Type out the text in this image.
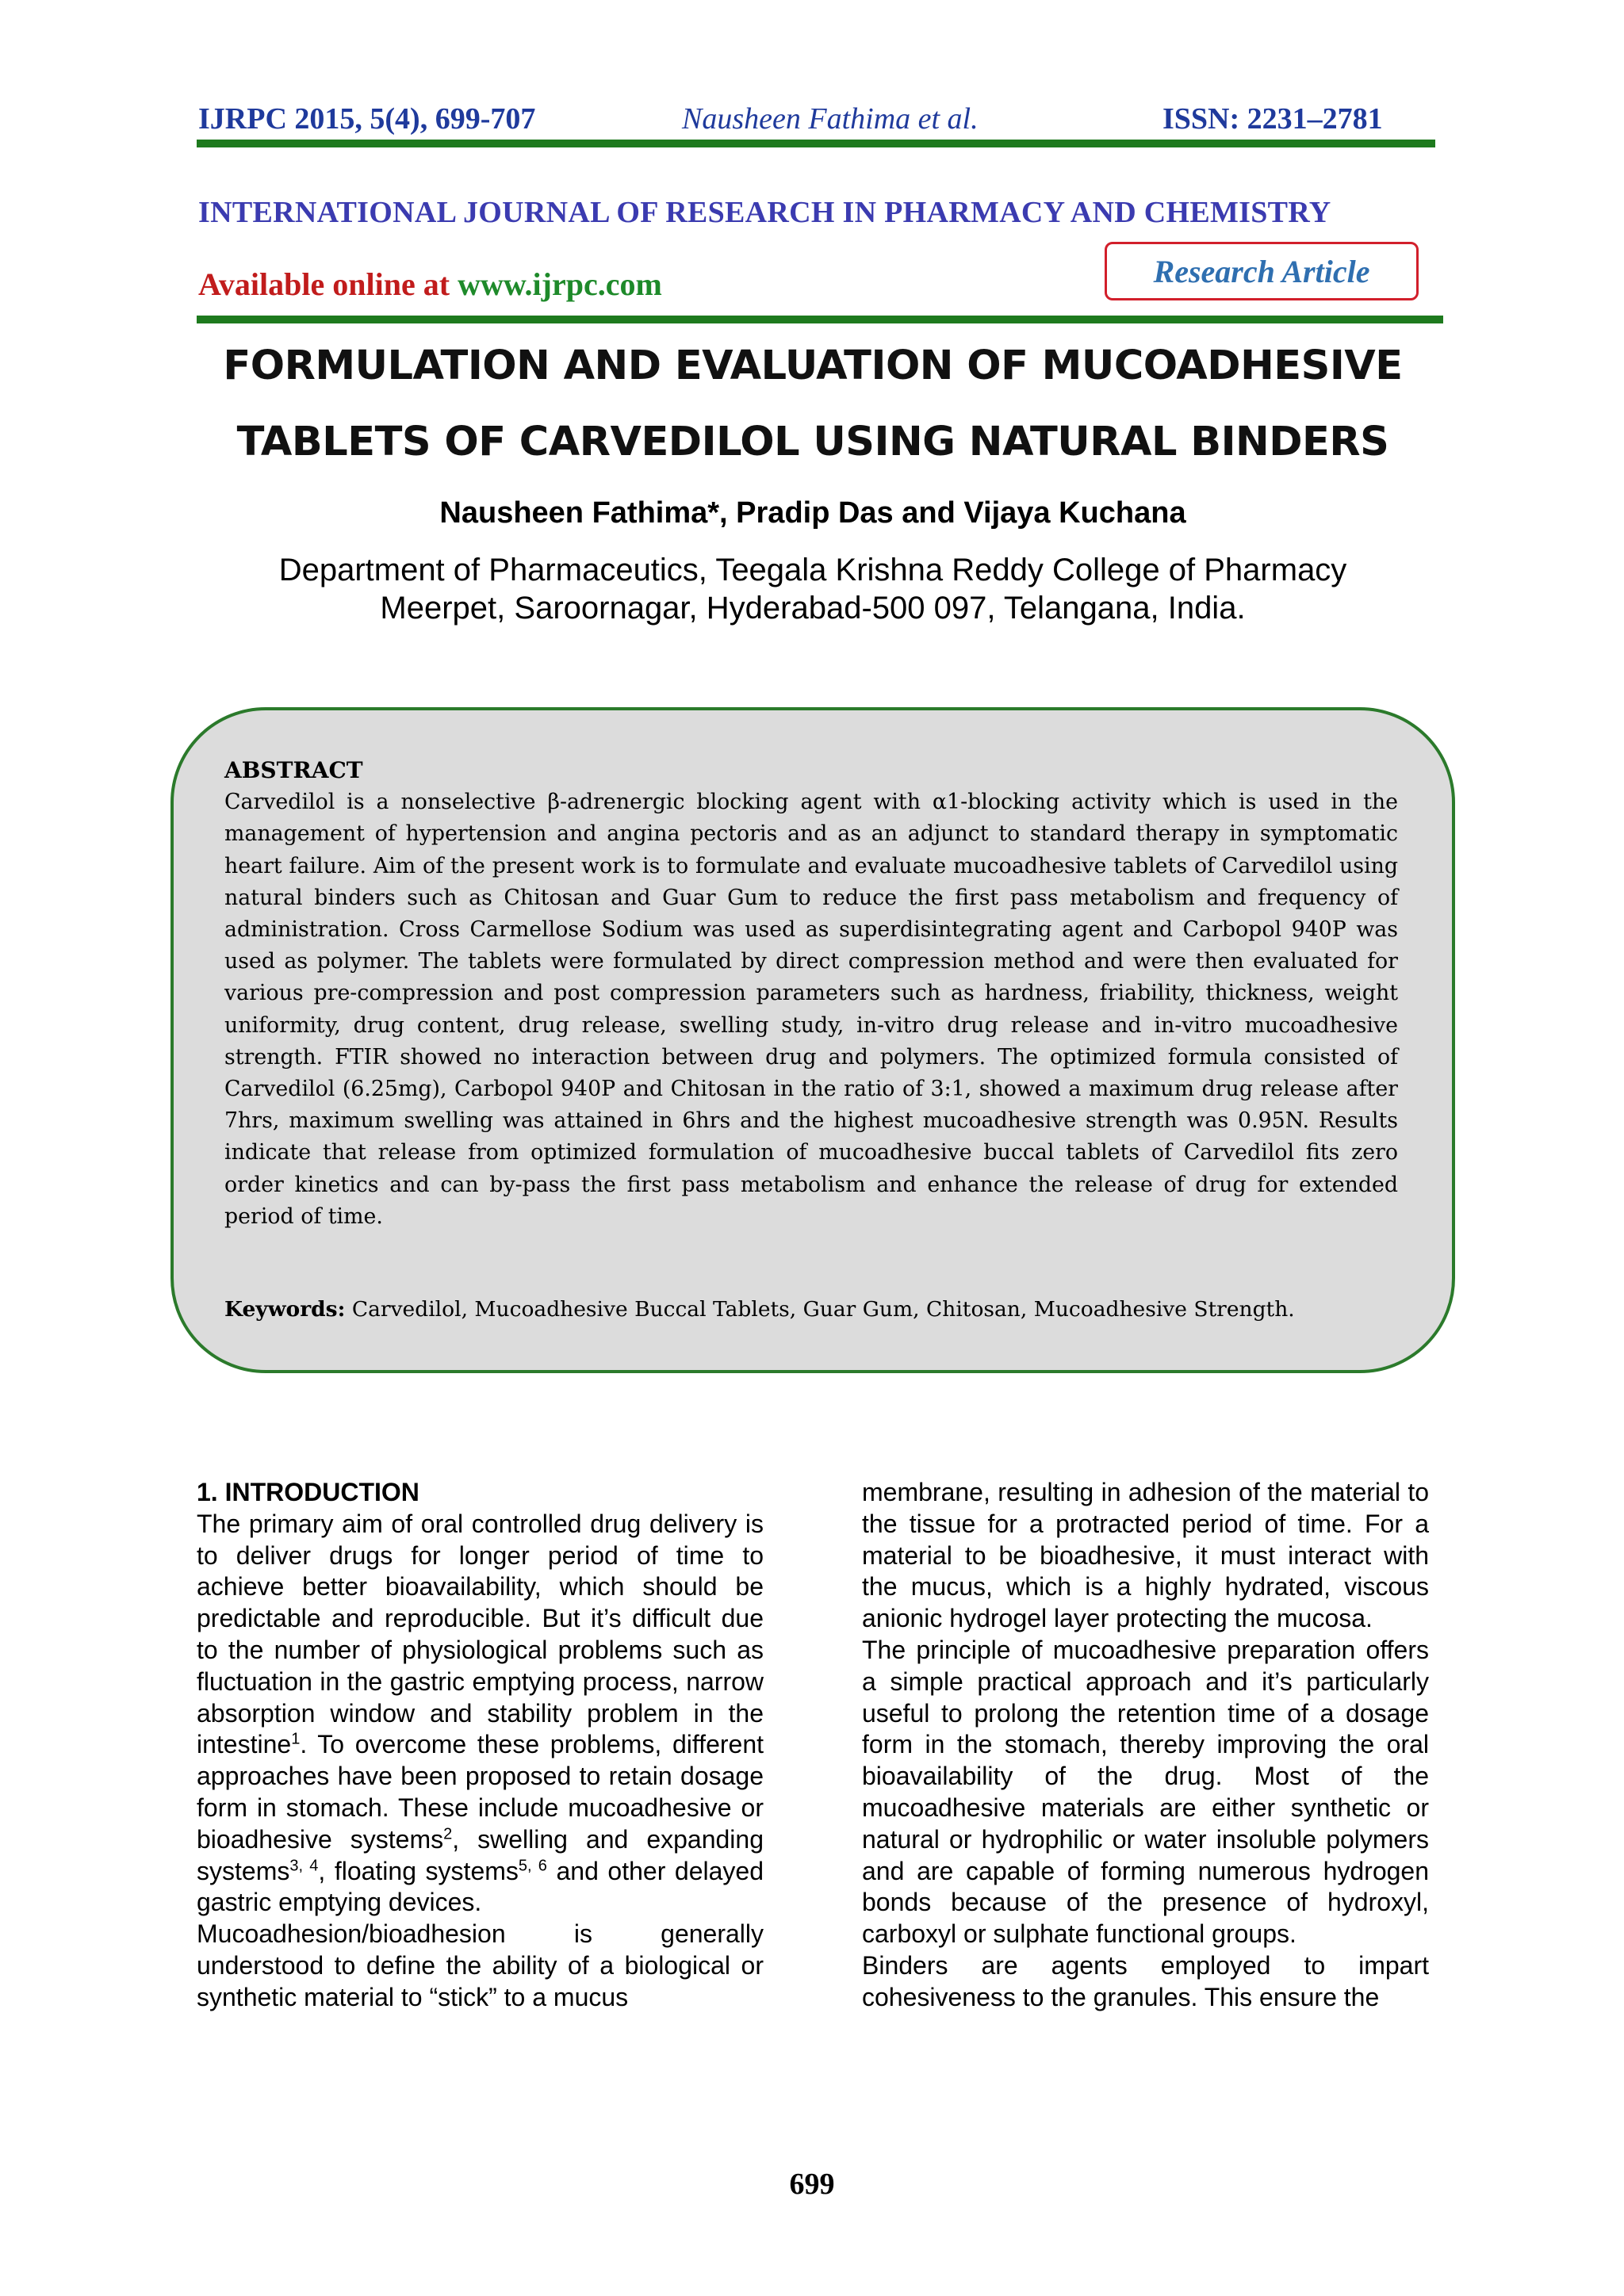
IJRPC 2015, 5(4), 699-707	Nausheen Fathima et al.	ISSN: 2231–2781
INTERNATIONAL JOURNAL OF RESEARCH IN PHARMACY AND CHEMISTRY
Available online at www.ijrpc.com	Research Article
FORMULATION AND EVALUATION OF MUCOADHESIVE
TABLETS OF CARVEDILOL USING NATURAL BINDERS
Nausheen Fathima*, Pradip Das and Vijaya Kuchana
Department of Pharmaceutics, Teegala Krishna Reddy College of Pharmacy
Meerpet, Saroornagar, Hyderabad-500 097, Telangana, India.
ABSTRACT
Carvedilol is a nonselective β-adrenergic blocking agent with α1-blocking activity which is used in the management of hypertension and angina pectoris and as an adjunct to standard therapy in symptomatic heart failure. Aim of the present work is to formulate and evaluate mucoadhesive tablets of Carvedilol using natural binders such as Chitosan and Guar Gum to reduce the first pass metabolism and frequency of administration. Cross Carmellose Sodium was used as superdisintegrating agent and Carbopol 940P was used as polymer. The tablets were formulated by direct compression method and were then evaluated for various pre-compression and post compression parameters such as hardness, friability, thickness, weight uniformity, drug content, drug release, swelling study, in-vitro drug release and in-vitro mucoadhesive strength. FTIR showed no interaction between drug and polymers. The optimized formula consisted of Carvedilol (6.25mg), Carbopol 940P and Chitosan in the ratio of 3:1, showed a maximum drug release after 7hrs, maximum swelling was attained in 6hrs and the highest mucoadhesive strength was 0.95N. Results indicate that release from optimized formulation of mucoadhesive buccal tablets of Carvedilol fits zero order kinetics and can by-pass the first pass metabolism and enhance the release of drug for extended period of time.
Keywords: Carvedilol, Mucoadhesive Buccal Tablets, Guar Gum, Chitosan, Mucoadhesive Strength.

1. INTRODUCTION

The primary aim of oral controlled drug delivery is to deliver drugs for longer period of time to achieve better bioavailability, which should be predictable and reproducible. But it’s difficult due to the number of physiological problems such as fluctuation in the gastric emptying process, narrow absorption window and stability problem in the intestine$^1$. To overcome these problems, different approaches have been proposed to retain dosage form in stomach. These include mucoadhesive or bioadhesive systems$^2$, swelling and expanding systems$^{3, 4}$, floating systems$^{5, 6}$ and other delayed gastric emptying devices.

Mucoadhesion/bioadhesion is generally understood to define the ability of a biological or synthetic material to “stick” to a mucus

membrane, resulting in adhesion of the material to the tissue for a protracted period of time. For a material to be bioadhesive, it must interact with the mucus, which is a highly hydrated, viscous anionic hydrogel layer protecting the mucosa.

The principle of mucoadhesive preparation offers a simple practical approach and it’s particularly useful to prolong the retention time of a dosage form in the stomach, thereby improving the oral bioavailability of the drug. Most of the mucoadhesive materials are either synthetic or natural or hydrophilic or water insoluble polymers and are capable of forming numerous hydrogen bonds because of the presence of hydroxyl, carboxyl or sulphate functional groups.

Binders are agents employed to impart cohesiveness to the granules. This ensure the

699
